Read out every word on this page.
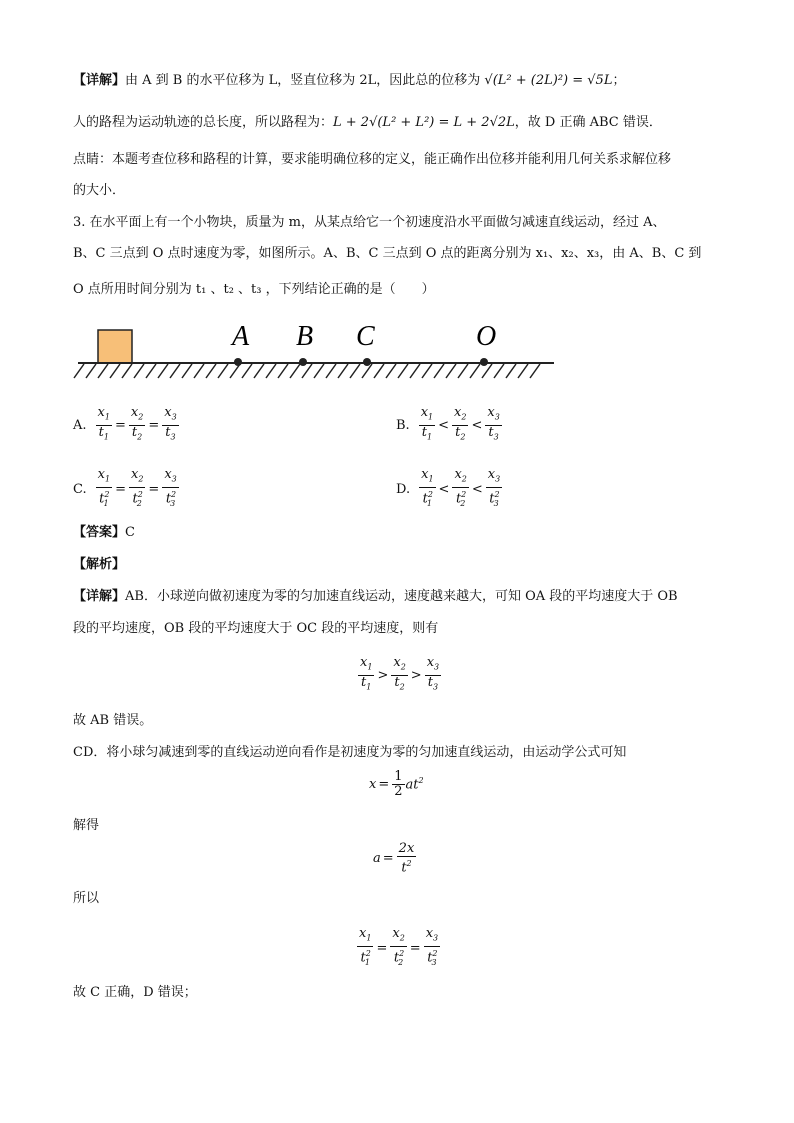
【详解】由 A 到 B 的水平位移为 L，竖直位移为 2L，因此总的位移为 √(L² + (2L)²) = √5L；
人的路程为运动轨迹的总长度，所以路程为：L + 2√(L² + L²) = L + 2√2L，故 D 正确 ABC 错误．
点睛：本题考查位移和路程的计算，要求能明确位移的定义，能正确作出位移并能利用几何关系求解位移
的大小．
3. 在水平面上有一个小物块，质量为 m，从某点给它一个初速度沿水平面做匀减速直线运动，经过 A、
B、C 三点到 O 点时速度为零，如图所示。A、B、C 三点到 O 点的距离分别为 x₁、x₂、x₃，由 A、B、C 到
O 点所用时间分别为 t₁ 、t₂ 、t₃ ，下列结论正确的是（　　）
A B C	O
A. $\frac{x_1}{t_1} = \frac{x_2}{t_2} = \frac{x_3}{t_3}$	B. $\frac{x_1}{t_1} < \frac{x_2}{t_2} < \frac{x_3}{t_3}$
C. $\frac{x_1}{t^2_1} = \frac{x_2}{t^2_2} = \frac{x_3}{t^2_3}$	D. $\frac{x_1}{t^2_1} < \frac{x_2}{t^2_2} < \frac{x_3}{t^2_3}$
【答案】C
【解析】
【详解】AB．小球逆向做初速度为零的匀加速直线运动，速度越来越大，可知 OA 段的平均速度大于 OB
段的平均速度，OB 段的平均速度大于 OC 段的平均速度，则有
$\frac{x_1}{t_1} > \frac{x_2}{t_2} > \frac{x_3}{t_3}$
故 AB 错误。
CD．将小球匀减速到零的直线运动逆向看作是初速度为零的匀加速直线运动，由运动学公式可知
$x = \frac{1}{2} at^2$
解得
$a = \frac{2x}{t^2}$
所以
$\frac{x_1}{t^2_1} = \frac{x_2}{t^2_2} = \frac{x_3}{t^2_3}$
故 C 正确，D 错误；
